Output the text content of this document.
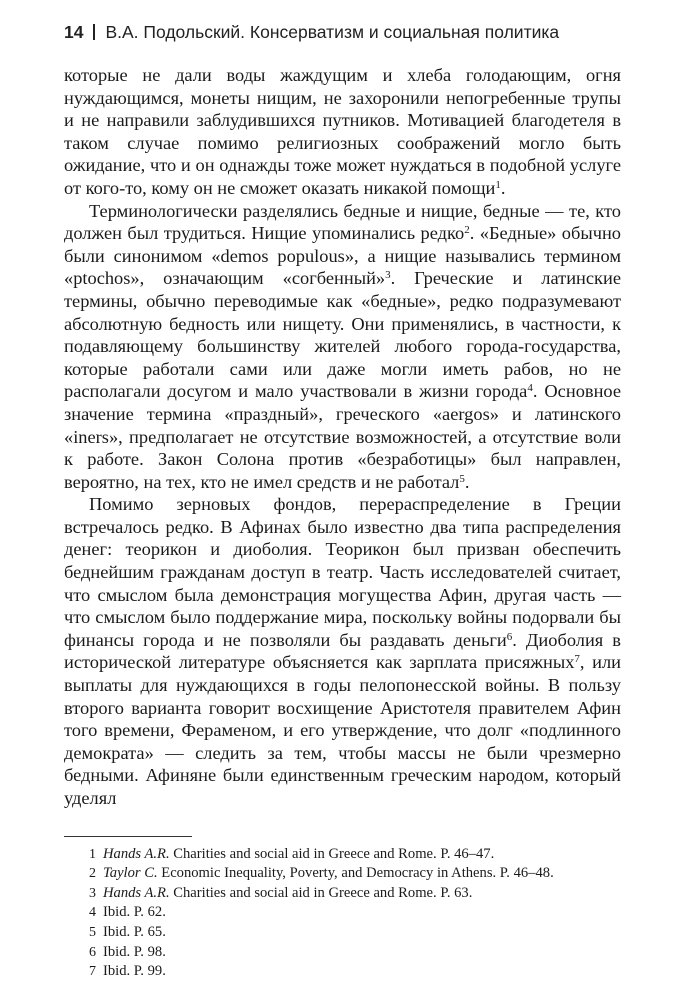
14 В.А. Подольский. Консерватизм и социальная политика

которые не дали воды жаждущим и хлеба голодающим, огня нуждающимся, монеты нищим, не захоронили непогребенные трупы и не направили заблудившихся путников. Мотивацией благодетеля в таком случае помимо религиозных соображений могло быть ожидание, что и он однажды тоже может нуждаться в подобной услуге от кого-то, кому он не сможет оказать никакой помощи$^1$.

Терминологически разделялись бедные и нищие, бедные — те, кто должен был трудиться. Нищие упоминались редко$^2$. «Бедные» обычно были синонимом «demos populous», а нищие назывались термином «ptochos», означающим «согбенный»$^3$. Греческие и латинские термины, обычно переводимые как «бедные», редко подразумевают абсолютную бедность или нищету. Они применялись, в частности, к подавляющему большинству жителей любого города-государства, которые работали сами или даже могли иметь рабов, но не располагали досугом и мало участвовали в жизни города$^4$. Основное значение термина «праздный», греческого «aergos» и латинского «iners», предполагает не отсутствие возможностей, а отсутствие воли к работе. Закон Солона против «безработицы» был направлен, вероятно, на тех, кто не имел средств и не работал$^5$.

Помимо зерновых фондов, перераспределение в Греции встречалось редко. В Афинах было известно два типа распределения денег: теорикон и диоболия. Теорикон был призван обеспечить беднейшим гражданам доступ в театр. Часть исследователей считает, что смыслом была демонстрация могущества Афин, другая часть — что смыслом было поддержание мира, поскольку войны подорвали бы финансы города и не позволяли бы раздавать деньги$^6$. Диоболия в исторической литературе объясняется как зарплата присяжных$^7$, или выплаты для нуждающихся в годы пелопонесской войны. В пользу второго варианта говорит восхищение Аристотеля правителем Афин того времени, Фераменом, и его утверждение, что долг «подлинного демократа» — следить за тем, чтобы массы не были чрезмерно бедными. Афиняне были единственным греческим народом, который уделял

1 Hands A.R. Charities and social aid in Greece and Rome. P. 46–47.
2 Taylor C. Economic Inequality, Poverty, and Democracy in Athens. P. 46–48.
3 Hands A.R. Charities and social aid in Greece and Rome. P. 63.
4 Ibid. P. 62.
5 Ibid. P. 65.
6 Ibid. P. 98.
7 Ibid. P. 99.
